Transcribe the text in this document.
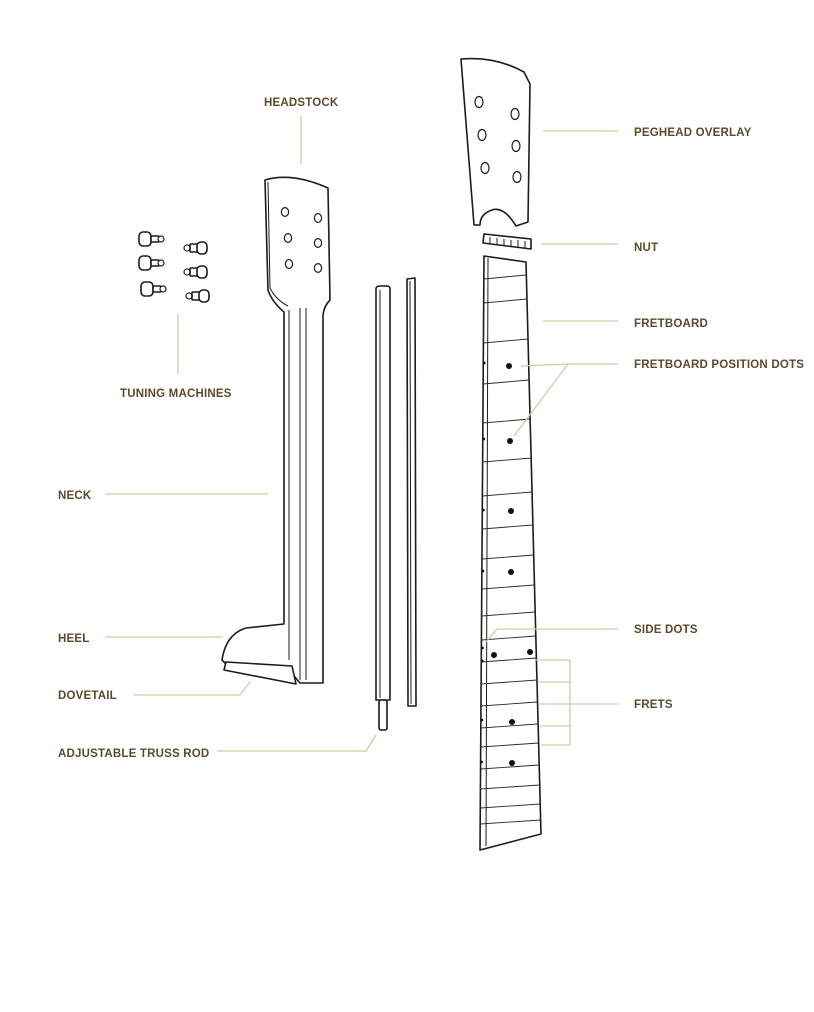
HEADSTOCK
TUNING MACHINES
NECK
HEEL
DOVETAIL
ADJUSTABLE TRUSS ROD
PEGHEAD OVERLAY
NUT
FRETBOARD
FRETBOARD POSITION DOTS
SIDE DOTS
FRETS
